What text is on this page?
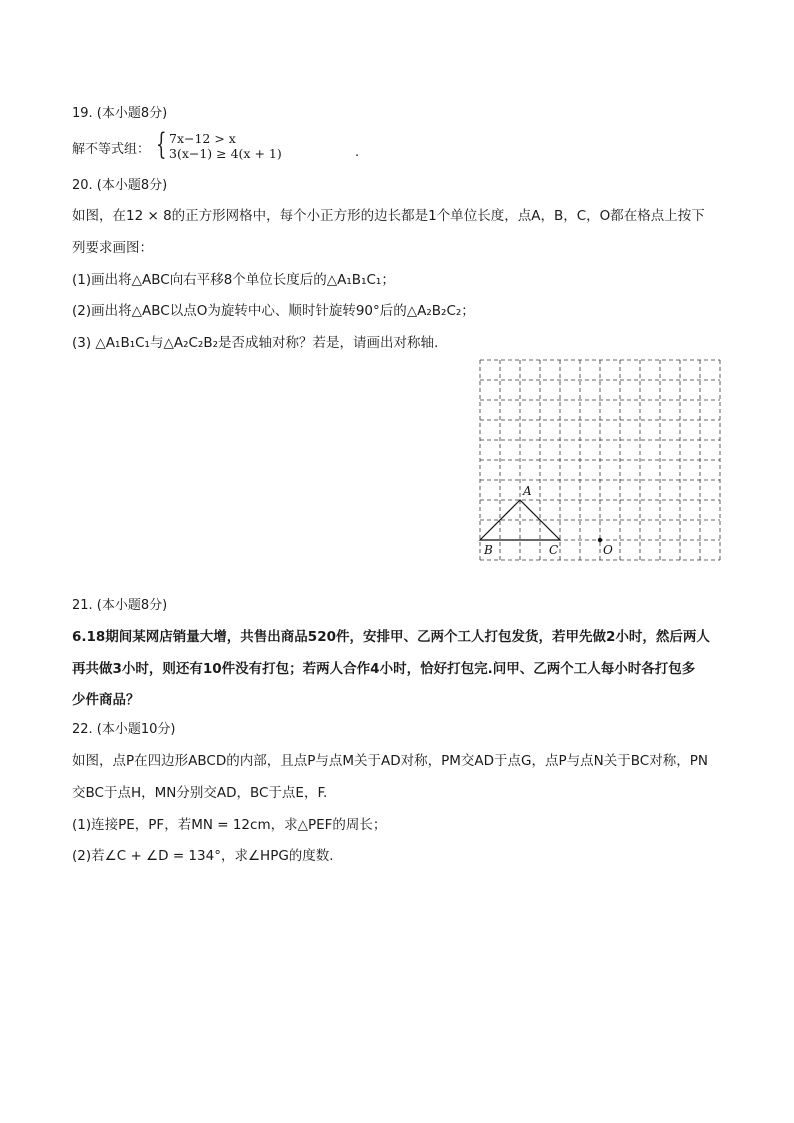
19. (本小题8分)
解不等式组： { 7x−12 > x
3(x−1) ≥ 4(x + 1)	.
20. (本小题8分)
如图，在12 × 8的正方形网格中，每个小正方形的边长都是1个单位长度，点A，B，C，O都在格点上按下
列要求画图：
(1)画出将△ABC向右平移8个单位长度后的△A₁B₁C₁；
(2)画出将△ABC以点O为旋转中心、顺时针旋转90°后的△A₂B₂C₂；
(3) △A₁B₁C₁与△A₂C₂B₂是否成轴对称？若是，请画出对称轴.
A
B	C	O
21. (本小题8分)
6.18期间某网店销量大增，共售出商品520件，安排甲、乙两个工人打包发货，若甲先做2小时，然后两人
再共做3小时，则还有10件没有打包；若两人合作4小时，恰好打包完.问甲、乙两个工人每小时各打包多
少件商品？
22. (本小题10分)
如图，点P在四边形ABCD的内部，且点P与点M关于AD对称，PM交AD于点G，点P与点N关于BC对称，PN
交BC于点H，MN分别交AD，BC于点E，F.
(1)连接PE，PF，若MN = 12cm，求△PEF的周长；
(2)若∠C + ∠D = 134°，求∠HPG的度数.
